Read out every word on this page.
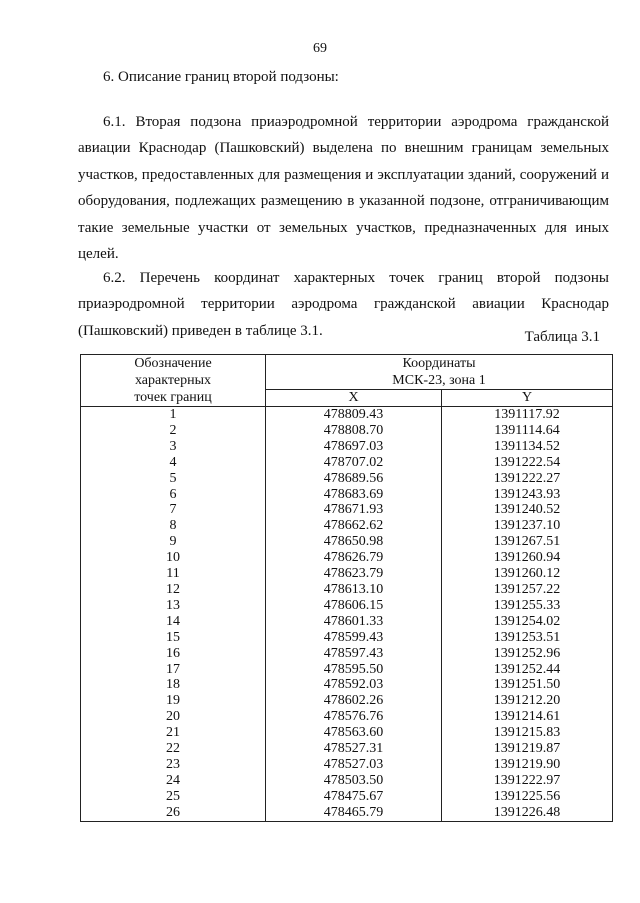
69
6. Описание границ второй подзоны:

6.1. Вторая подзона приаэродромной территории аэродрома гражданской авиации Краснодар (Пашковский) выделена по внешним границам земельных участков, предоставленных для размещения и эксплуатации зданий, сооружений и оборудования, подлежащих размещению в указанной подзоне, отграничивающим такие земельные участки от земельных участков, предназначенных для иных целей.

6.2. Перечень координат характерных точек границ второй подзоны приаэродромной территории аэродрома гражданской авиации Краснодар (Пашковский) приведен в таблице 3.1.	Таблица 3.1
Обозначение
характерных
точек границ	Координаты
МСК-23, зона 1	
	X	Y
1	478809.43	1391117.92
2	478808.70	1391114.64
3	478697.03	1391134.52
4	478707.02	1391222.54
5	478689.56	1391222.27
6	478683.69	1391243.93
7	478671.93	1391240.52
8	478662.62	1391237.10
9	478650.98	1391267.51
10	478626.79	1391260.94
11	478623.79	1391260.12
12	478613.10	1391257.22
13	478606.15	1391255.33
14	478601.33	1391254.02
15	478599.43	1391253.51
16	478597.43	1391252.96
17	478595.50	1391252.44
18	478592.03	1391251.50
19	478602.26	1391212.20
20	478576.76	1391214.61
21	478563.60	1391215.83
22	478527.31	1391219.87
23	478527.03	1391219.90
24	478503.50	1391222.97
25	478475.67	1391225.56
26	478465.79	1391226.48
